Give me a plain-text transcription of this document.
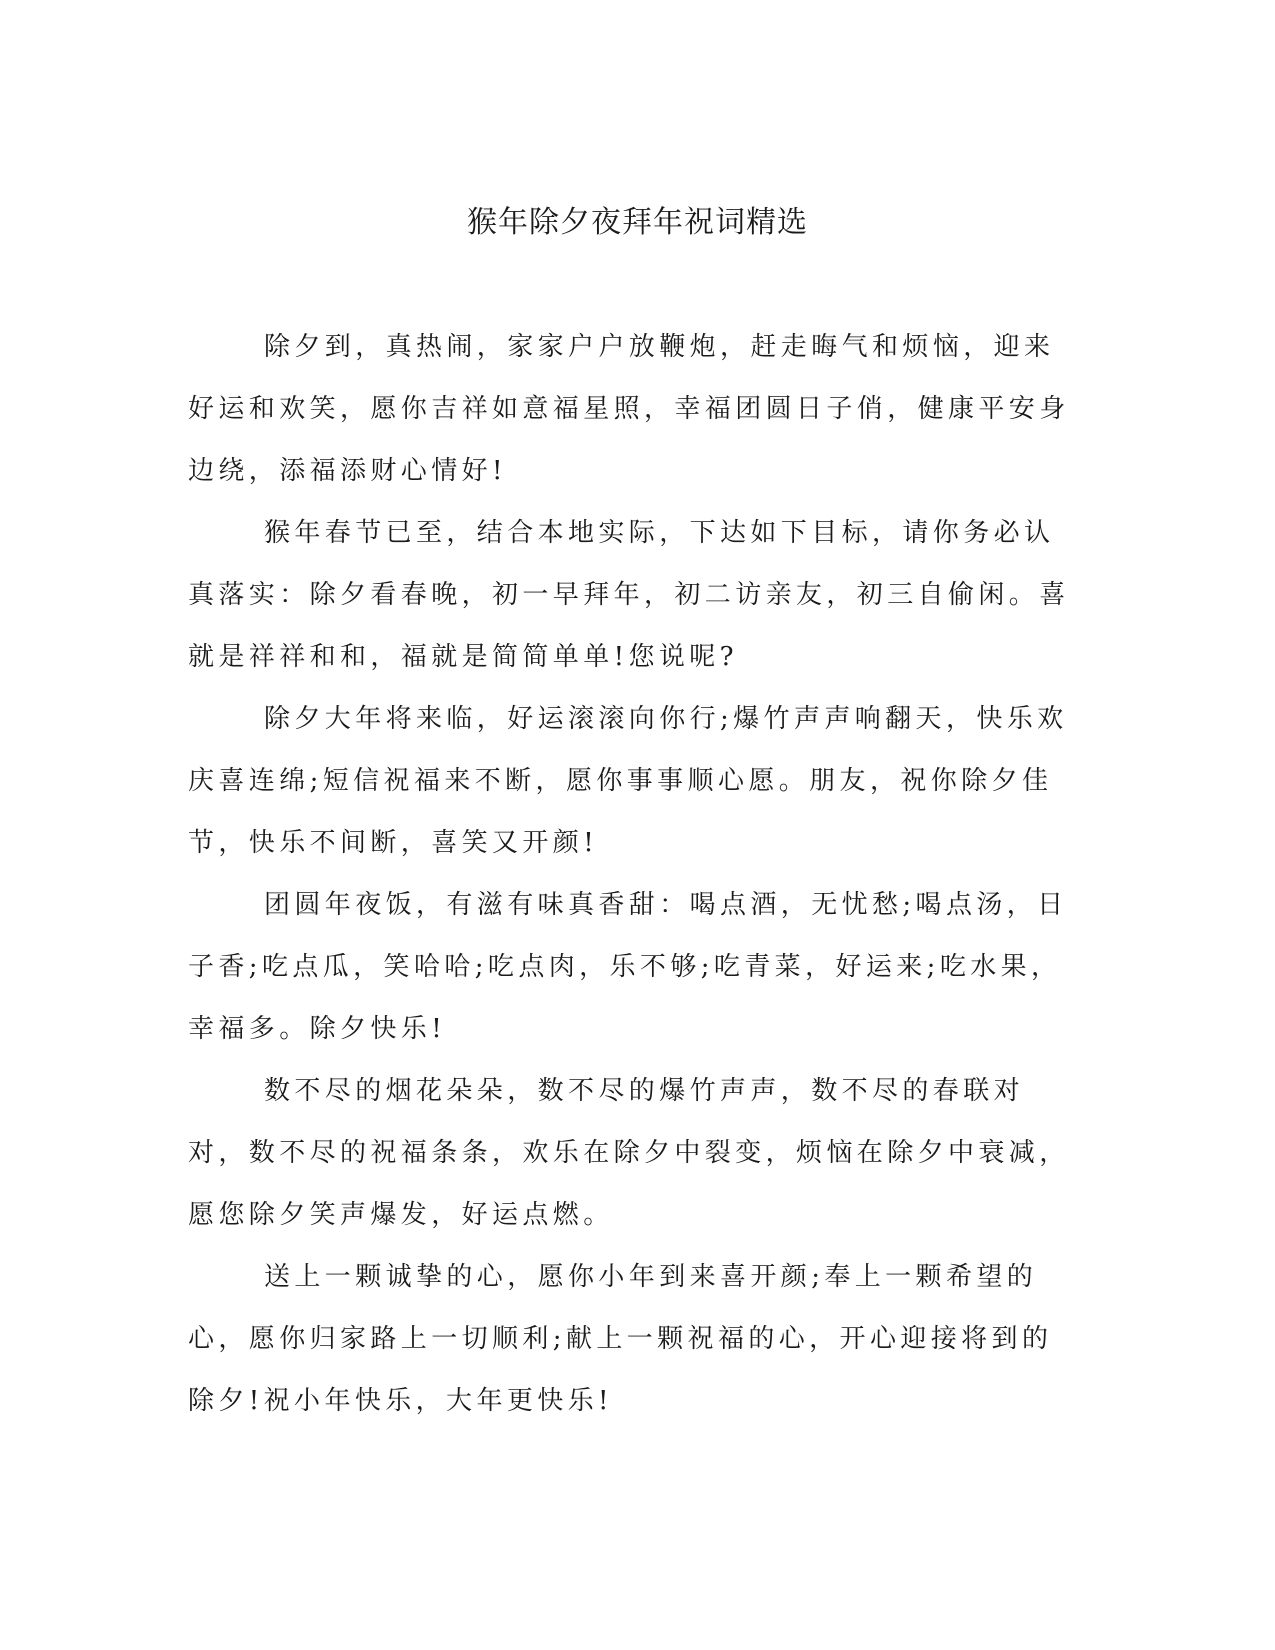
猴年除夕夜拜年祝词精选

除夕到，真热闹，家家户户放鞭炮，赶走晦气和烦恼，迎来好运和欢笑，愿你吉祥如意福星照，幸福团圆日子俏，健康平安身边绕，添福添财心情好!

猴年春节已至，结合本地实际，下达如下目标，请你务必认真落实：除夕看春晚，初一早拜年，初二访亲友，初三自偷闲。喜就是祥祥和和，福就是简简单单!您说呢?

除夕大年将来临，好运滚滚向你行;爆竹声声响翻天，快乐欢庆喜连绵;短信祝福来不断，愿你事事顺心愿。朋友，祝你除夕佳节，快乐不间断，喜笑又开颜!

团圆年夜饭，有滋有味真香甜：喝点酒，无忧愁;喝点汤，日子香;吃点瓜，笑哈哈;吃点肉，乐不够;吃青菜，好运来;吃水果，幸福多。除夕快乐!

数不尽的烟花朵朵，数不尽的爆竹声声，数不尽的春联对对，数不尽的祝福条条，欢乐在除夕中裂变，烦恼在除夕中衰减，愿您除夕笑声爆发，好运点燃。

送上一颗诚挚的心，愿你小年到来喜开颜;奉上一颗希望的心，愿你归家路上一切顺利;献上一颗祝福的心，开心迎接将到的除夕!祝小年快乐，大年更快乐!
